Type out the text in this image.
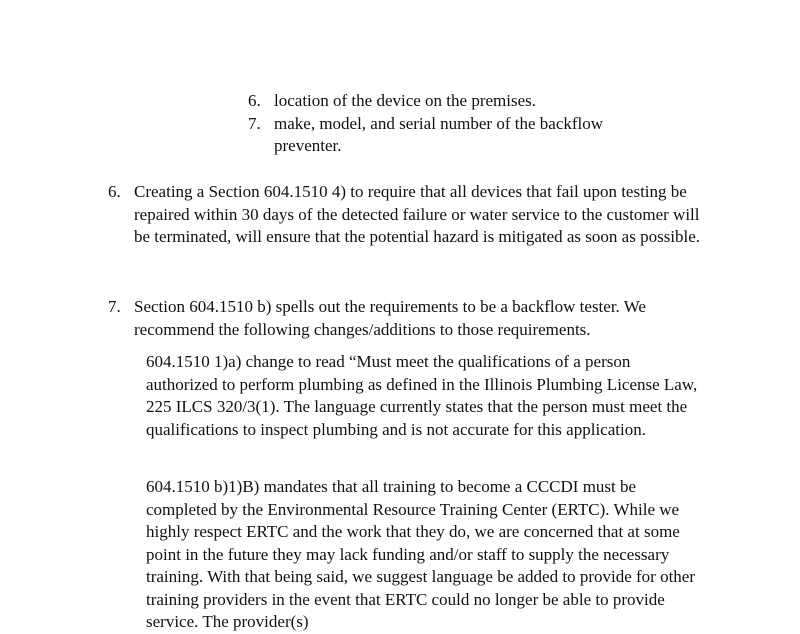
6. location of the device on the premises.
7. make, model, and serial number of the backflow preventer.
6. Creating a Section 604.1510 4) to require that all devices that fail upon testing be repaired within 30 days of the detected failure or water service to the customer will be terminated, will ensure that the potential hazard is mitigated as soon as possible.
7. Section 604.1510 b) spells out the requirements to be a backflow tester. We recommend the following changes/additions to those requirements.
604.1510 1)a) change to read “Must meet the qualifications of a person authorized to perform plumbing as defined in the Illinois Plumbing License Law, 225 ILCS 320/3(1). The language currently states that the person must meet the qualifications to inspect plumbing and is not accurate for this application.
604.1510 b)1)B) mandates that all training to become a CCCDI must be completed by the Environmental Resource Training Center (ERTC). While we highly respect ERTC and the work that they do, we are concerned that at some point in the future they may lack funding and/or staff to supply the necessary training. With that being said, we suggest language be added to provide for other training providers in the event that ERTC could no longer be able to provide service. The provider(s)
